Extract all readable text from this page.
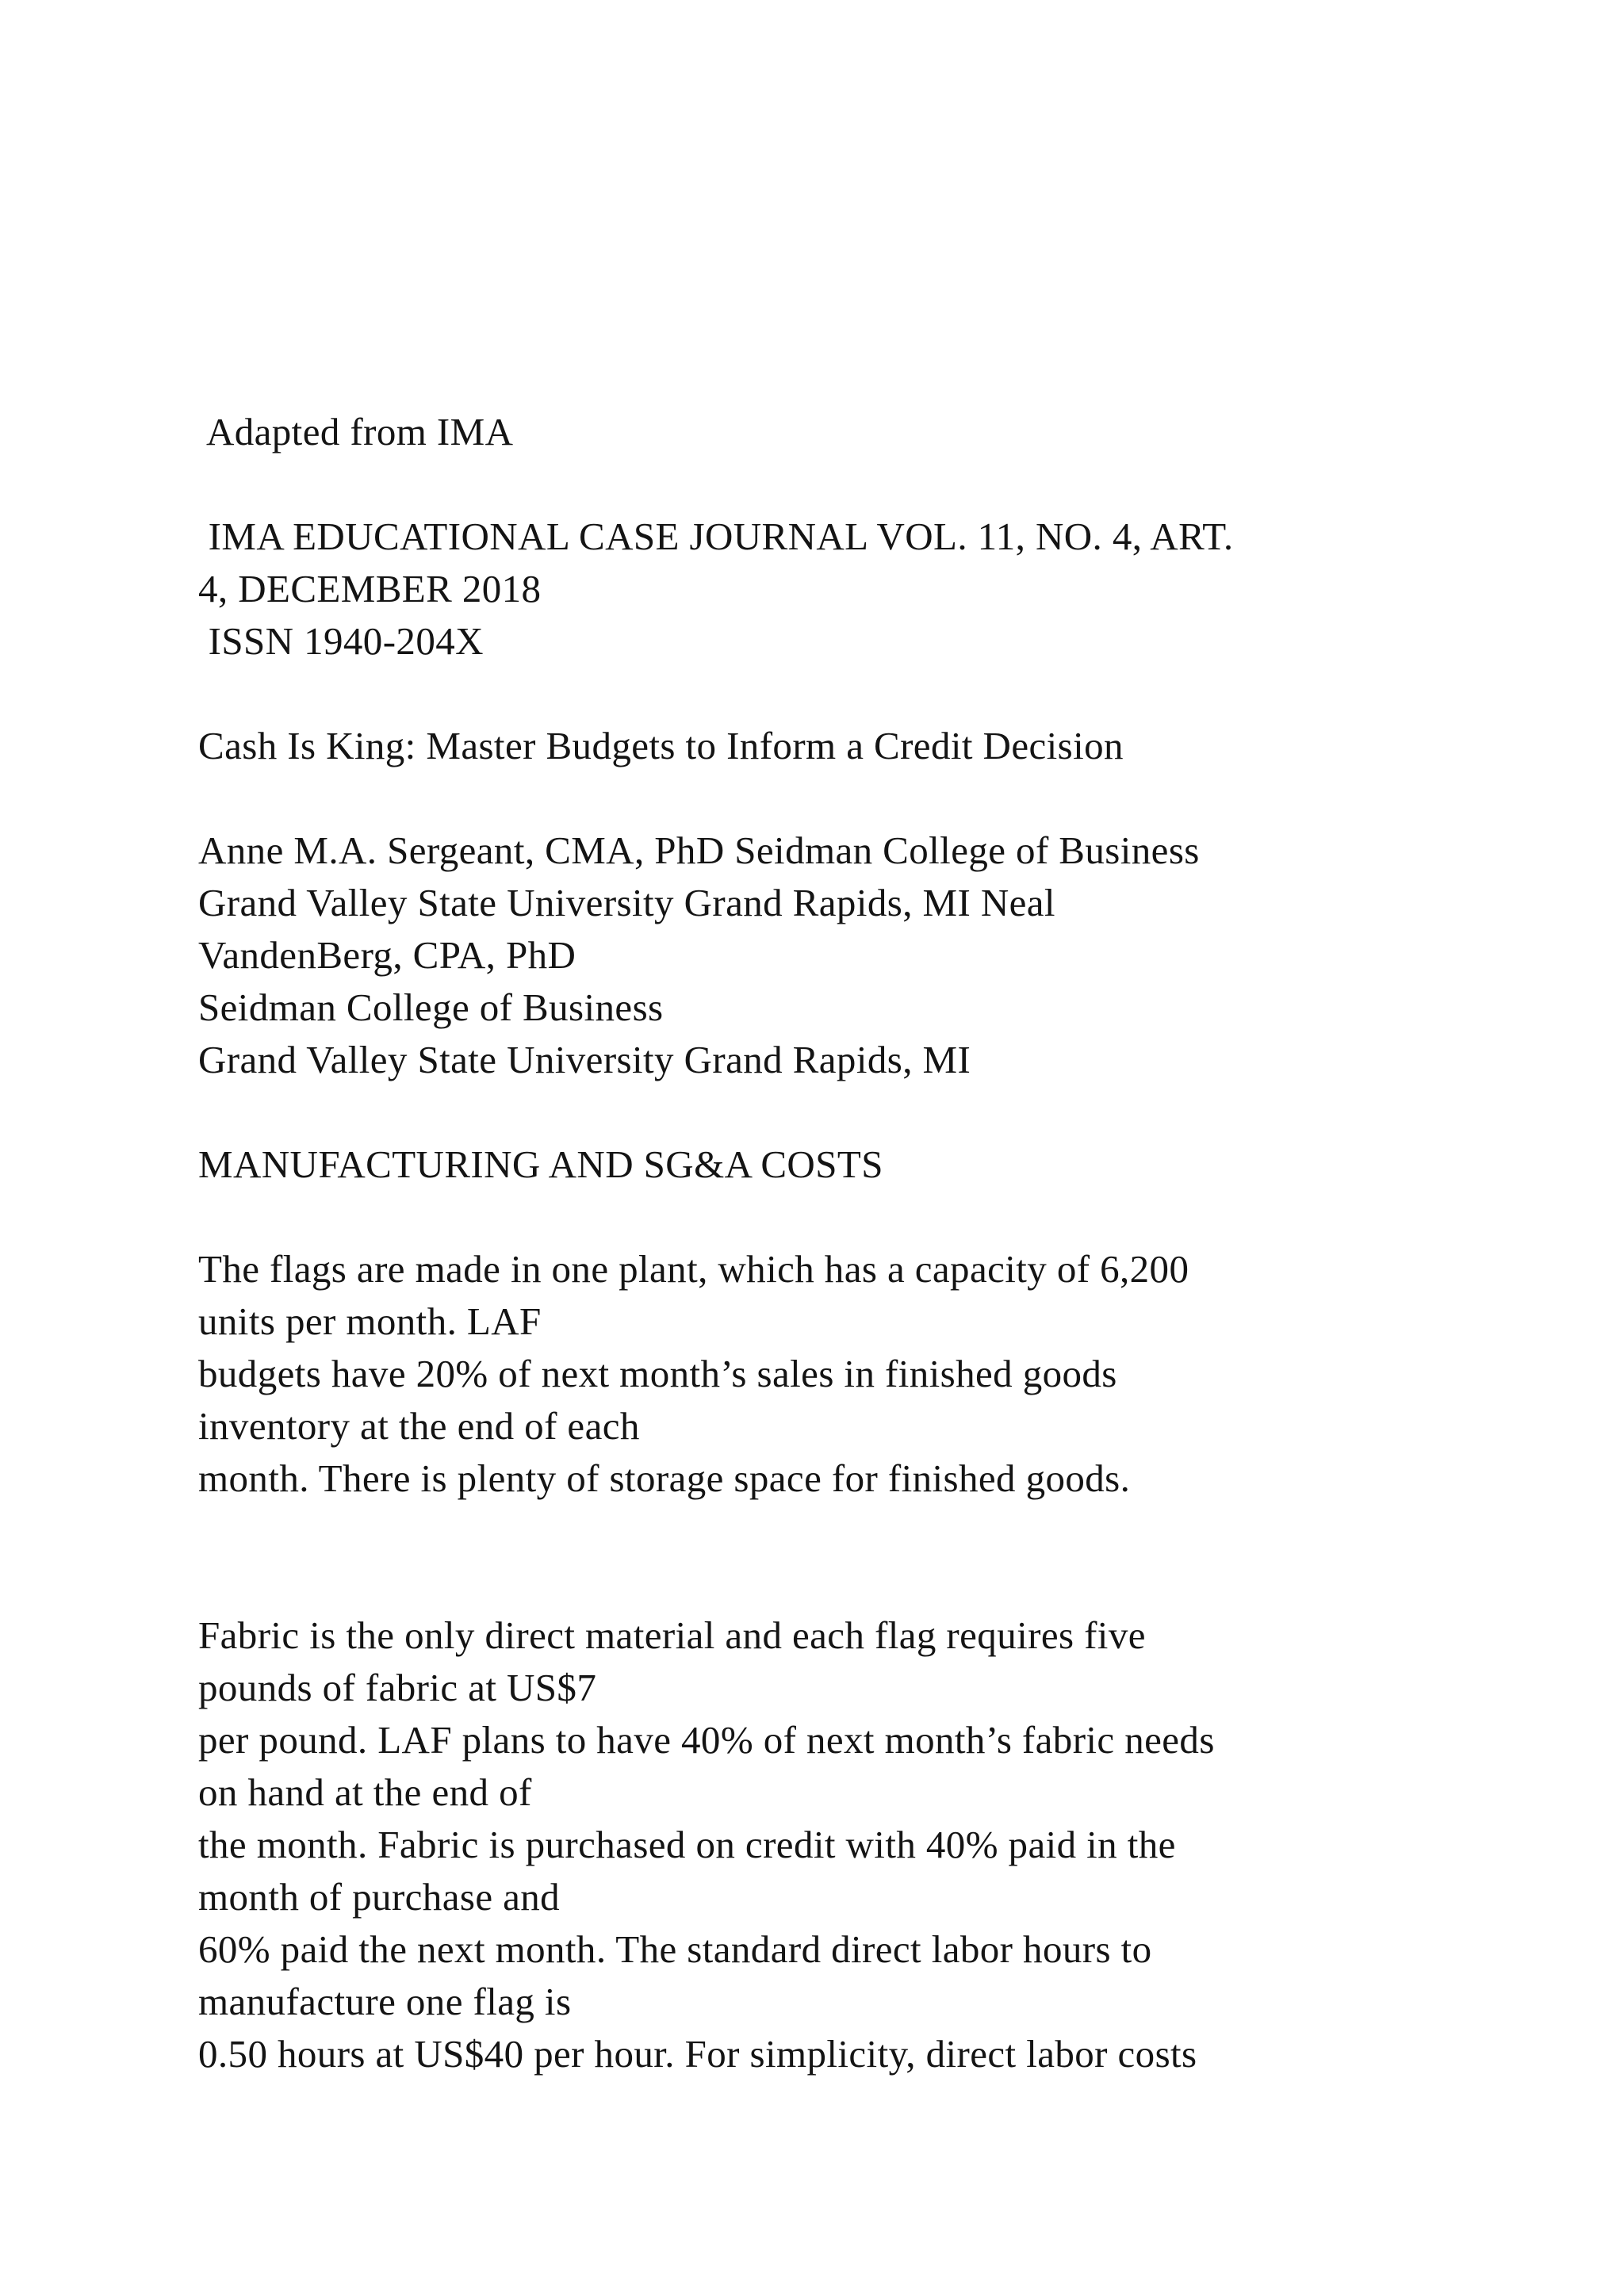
Adapted from IMA
IMA EDUCATIONAL CASE JOURNAL VOL. 11, NO. 4, ART.
4, DECEMBER 2018
ISSN 1940-204X
Cash Is King: Master Budgets to Inform a Credit Decision
Anne M.A. Sergeant, CMA, PhD Seidman College of Business
Grand Valley State University Grand Rapids, MI Neal
VandenBerg, CPA, PhD
Seidman College of Business
Grand Valley State University Grand Rapids, MI
MANUFACTURING AND SG&A COSTS
The flags are made in one plant, which has a capacity of 6,200
units per month. LAF
budgets have 20% of next month’s sales in finished goods
inventory at the end of each
month. There is plenty of storage space for finished goods.
Fabric is the only direct material and each flag requires five
pounds of fabric at US$7
per pound. LAF plans to have 40% of next month’s fabric needs
on hand at the end of
the month. Fabric is purchased on credit with 40% paid in the
month of purchase and
60% paid the next month. The standard direct labor hours to
manufacture one flag is
0.50 hours at US$40 per hour. For simplicity, direct labor costs
